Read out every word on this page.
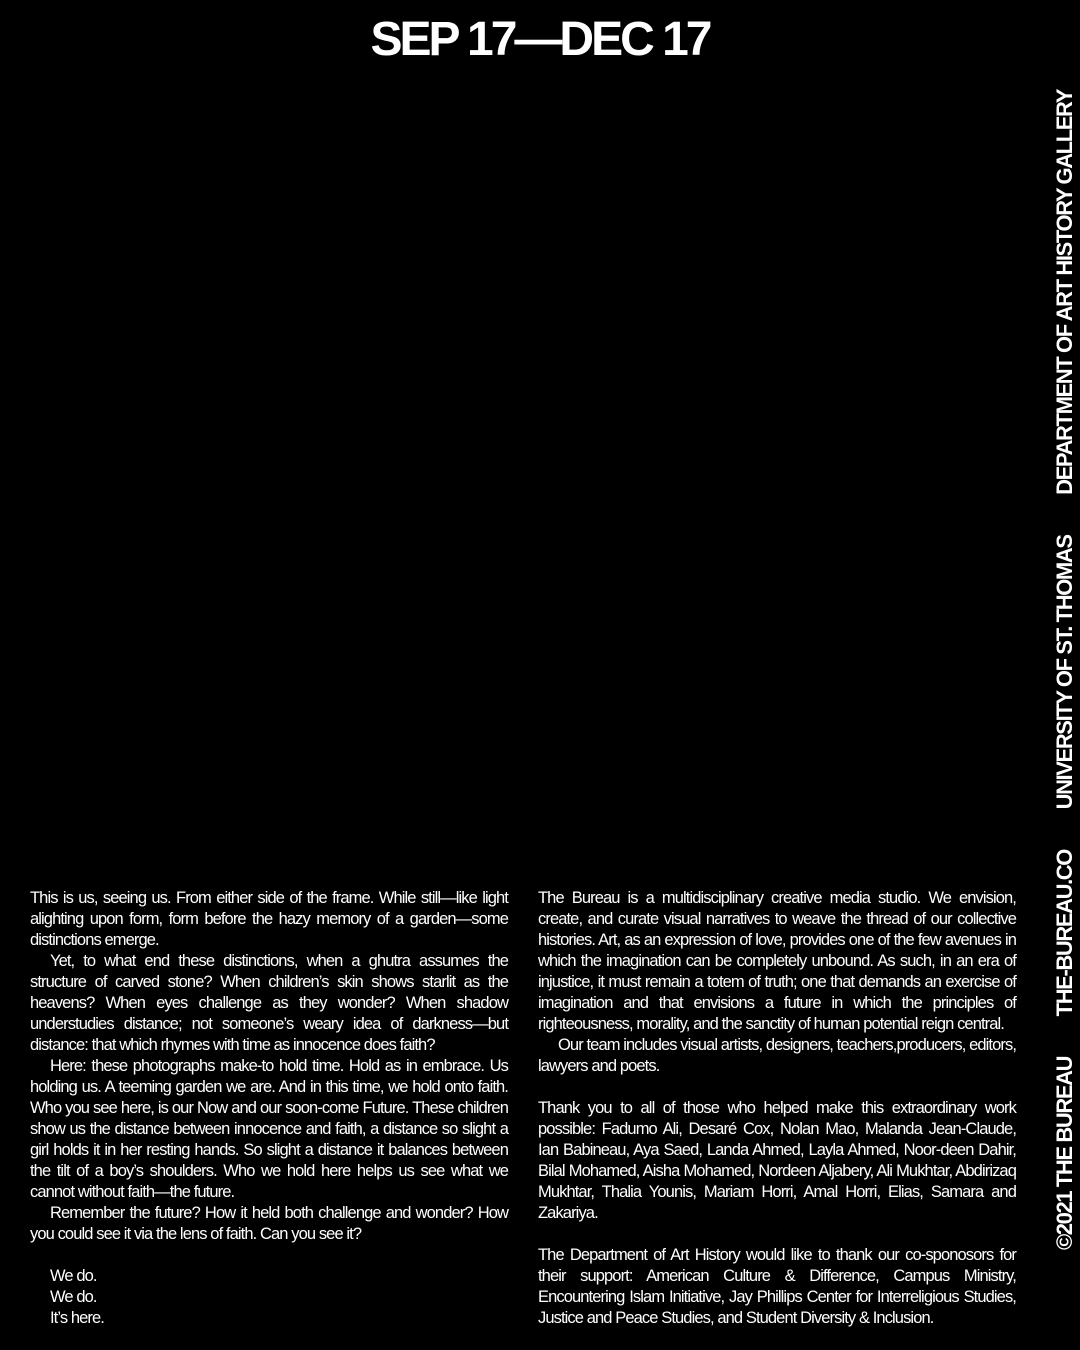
SEP 17—DEC 17

This is us, seeing us. From either side of the frame. While still—like light alighting upon form, form before the hazy memory of a garden—some distinctions emerge.

Yet, to what end these distinctions, when a ghutra assumes the structure of carved stone? When children’s skin shows starlit as the heavens? When eyes challenge as they wonder? When shadow understudies distance; not someone’s weary idea of darkness—but distance: that which rhymes with time as innocence does faith?

Here: these photographs make-to hold time. Hold as in embrace. Us holding us. A teeming garden we are. And in this time, we hold onto faith. Who you see here, is our Now and our soon-come Future. These children show us the distance between innocence and faith, a distance so slight a girl holds it in her resting hands. So slight a distance it balances between the tilt of a boy’s shoulders. Who we hold here helps us see what we cannot without faith—the future.

Remember the future? How it held both challenge and wonder? How you could see it via the lens of faith. Can you see it?

We do.
We do.
It’s here.

The Bureau is a multidisciplinary creative media studio. We envision, create, and curate visual narratives to weave the thread of our collective histories. Art, as an expression of love, provides one of the few avenues in which the imagination can be completely unbound. As such, in an era of injustice, it must remain a totem of truth; one that demands an exercise of imagination and that envisions a future in which the principles of righteousness, morality, and the sanctity of human potential reign central.

Our team includes visual artists, designers, teachers,producers, editors, lawyers and poets.

Thank you to all of those who helped make this extraordinary work possible: Fadumo Ali, Desaré Cox, Nolan Mao, Malanda Jean-Claude, Ian Babineau, Aya Saed, Landa Ahmed, Layla Ahmed, Noor-deen Dahir, Bilal Mohamed, Aisha Mohamed, Nordeen Aljabery, Ali Mukhtar, Abdirizaq Mukhtar, Thalia Younis, Mariam Horri, Amal Horri, Elias, Samara and Zakariya.

The Department of Art History would like to thank our co-sponosors for their support: American Culture & Difference, Campus Ministry, Encountering Islam Initiative, Jay Phillips Center for Interreligious Studies, Justice and Peace Studies, and Student Diversity & Inclusion.

©2021 THE BUREAU
THE-BUREAU.CO
UNIVERSITY OF ST. THOMAS
DEPARTMENT OF ART HISTORY GALLERY
